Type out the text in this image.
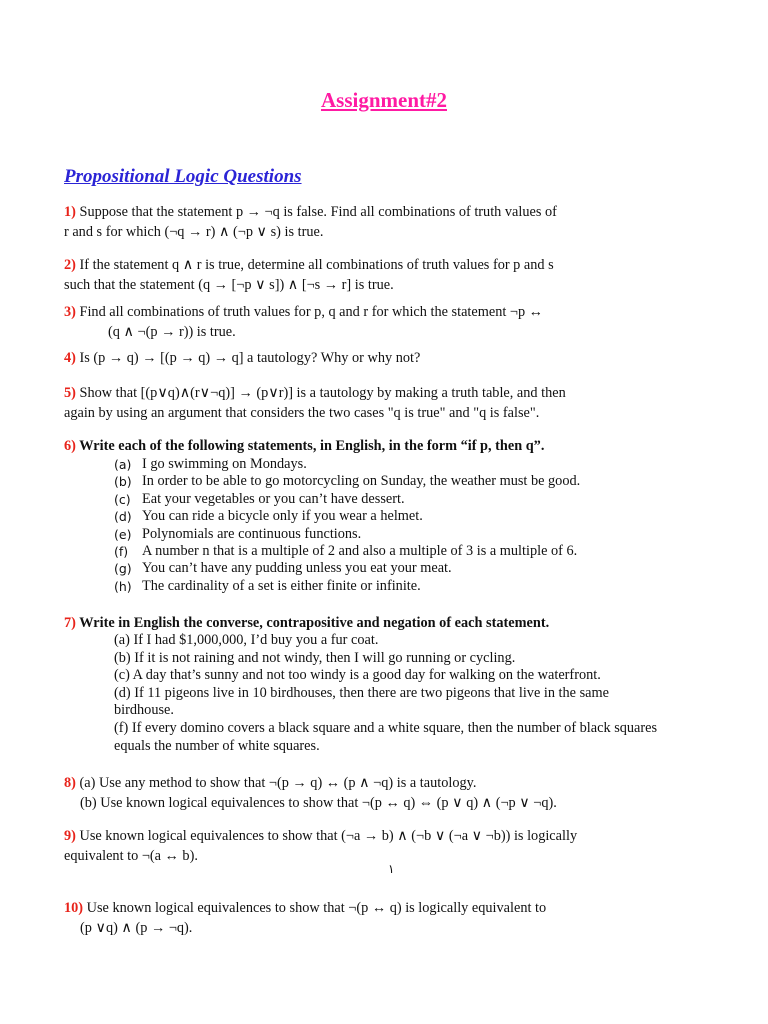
Assignment#2
Propositional Logic Questions
1) Suppose that the statement p → ¬q is false. Find all combinations of truth values of
r and s for which (¬q → r) ∧ (¬p ∨ s) is true.
2) If the statement q ∧ r is true, determine all combinations of truth values for p and s
such that the statement (q → [¬p ∨ s]) ∧ [¬s → r] is true.
3) Find all combinations of truth values for p, q and r for which the statement ¬p ↔
(q ∧ ¬(p → r)) is true.
4) Is (p → q) → [(p → q) → q] a tautology? Why or why not?
5) Show that [(p∨q)∧(r∨¬q)] → (p∨r)] is a tautology by making a truth table, and then
again by using an argument that considers the two cases "q is true" and "q is false".
6) Write each of the following statements, in English, in the form “if p, then q”.
(a) I go swimming on Mondays.
(b) In order to be able to go motorcycling on Sunday, the weather must be good.
(c) Eat your vegetables or you can’t have dessert.
(d) You can ride a bicycle only if you wear a helmet.
(e) Polynomials are continuous functions.
(f) A number n that is a multiple of 2 and also a multiple of 3 is a multiple of 6.
(g) You can’t have any pudding unless you eat your meat.
(h) The cardinality of a set is either finite or infinite.
7) Write in English the converse, contrapositive and negation of each statement.
(a) If I had $1,000,000, I’d buy you a fur coat.
(b) If it is not raining and not windy, then I will go running or cycling.
(c) A day that’s sunny and not too windy is a good day for walking on the waterfront.
(d) If 11 pigeons live in 10 birdhouses, then there are two pigeons that live in the same birdhouse.
(f) If every domino covers a black square and a white square, then the number of black squares equals the number of white squares.
8) (a) Use any method to show that ¬(p → q) ↔ (p ∧ ¬q) is a tautology.
(b) Use known logical equivalences to show that ¬(p ↔ q) ⇔ (p ∨ q) ∧ (¬p ∨ ¬q).
9) Use known logical equivalences to show that (¬a → b) ∧ (¬b ∨ (¬a ∨ ¬b)) is logically
equivalent to ¬(a ↔ b).
١
10) Use known logical equivalences to show that ¬(p ↔ q) is logically equivalent to
(p ∨q) ∧ (p → ¬q).
